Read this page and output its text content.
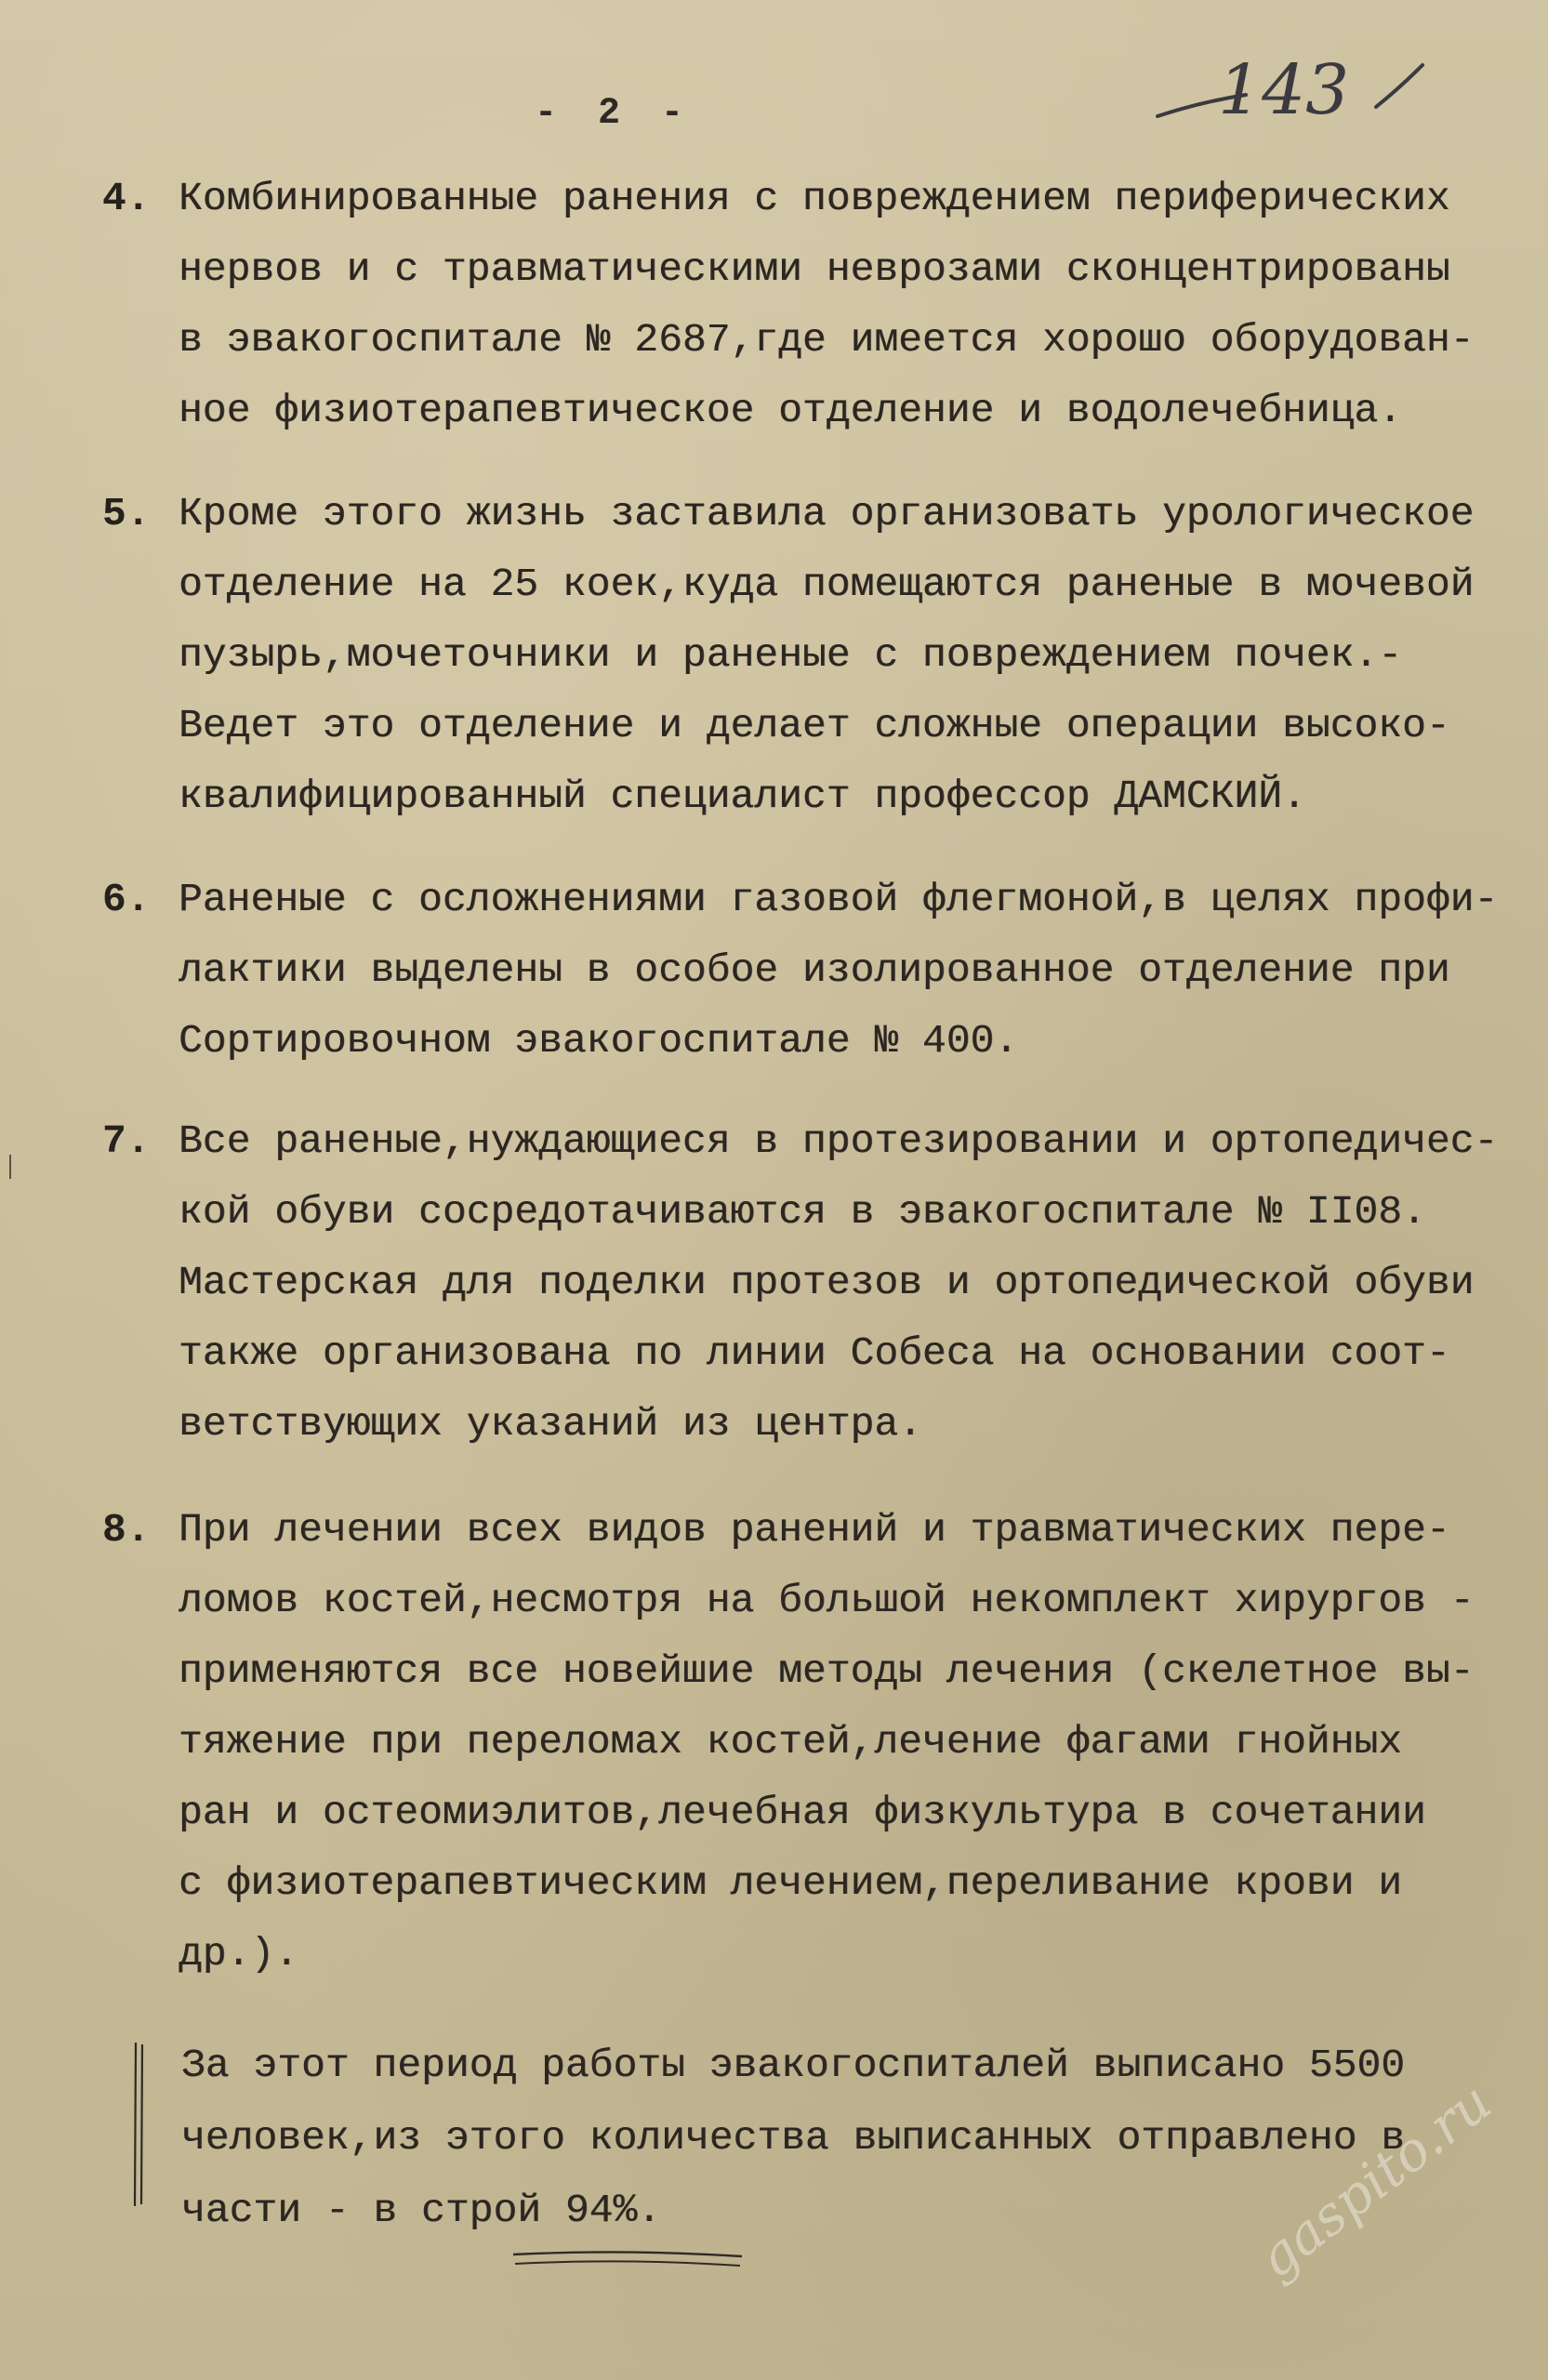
- 2 -	143
4. Комбинированные ранения с повреждением периферических
нервов и с травматическими неврозами сконцентрированы
в эвакогоспитале № 2687,где имеется хорошо оборудован-
ное физиотерапевтическое отделение и водолечебница.
5. Кроме этого жизнь заставила организовать урологическое
отделение на 25 коек,куда помещаются раненые в мочевой
пузырь,мочеточники и раненые с повреждением почек.-
Ведет это отделение и делает сложные операции высоко-
квалифицированный специалист профессор ДАМСКИЙ.
6. Раненые с осложнениями газовой флегмоной,в целях профи-
лактики выделены в особое изолированное отделение при
Сортировочном эвакогоспитале № 400.
7. Все раненые,нуждающиеся в протезировании и ортопедичес-
кой обуви сосредотачиваются в эвакогоспитале № II08.
Мастерская для поделки протезов и ортопедической обуви
также организована по линии Собеса на основании соот-
ветствующих указаний из центра.
8. При лечении всех видов ранений и травматических пере-
ломов костей,несмотря на большой некомплект хирургов -
применяются все новейшие методы лечения (скелетное вы-
тяжение при переломах костей,лечение фагами гнойных
ран и остеомиэлитов,лечебная физкультура в сочетании
с физиотерапевтическим лечением,переливание крови и
др.).
За этот период работы эвакогоспиталей выписано 5500
человек,из этого количества выписанных отправлено в
части - в строй 94%.	gaspito.ru
